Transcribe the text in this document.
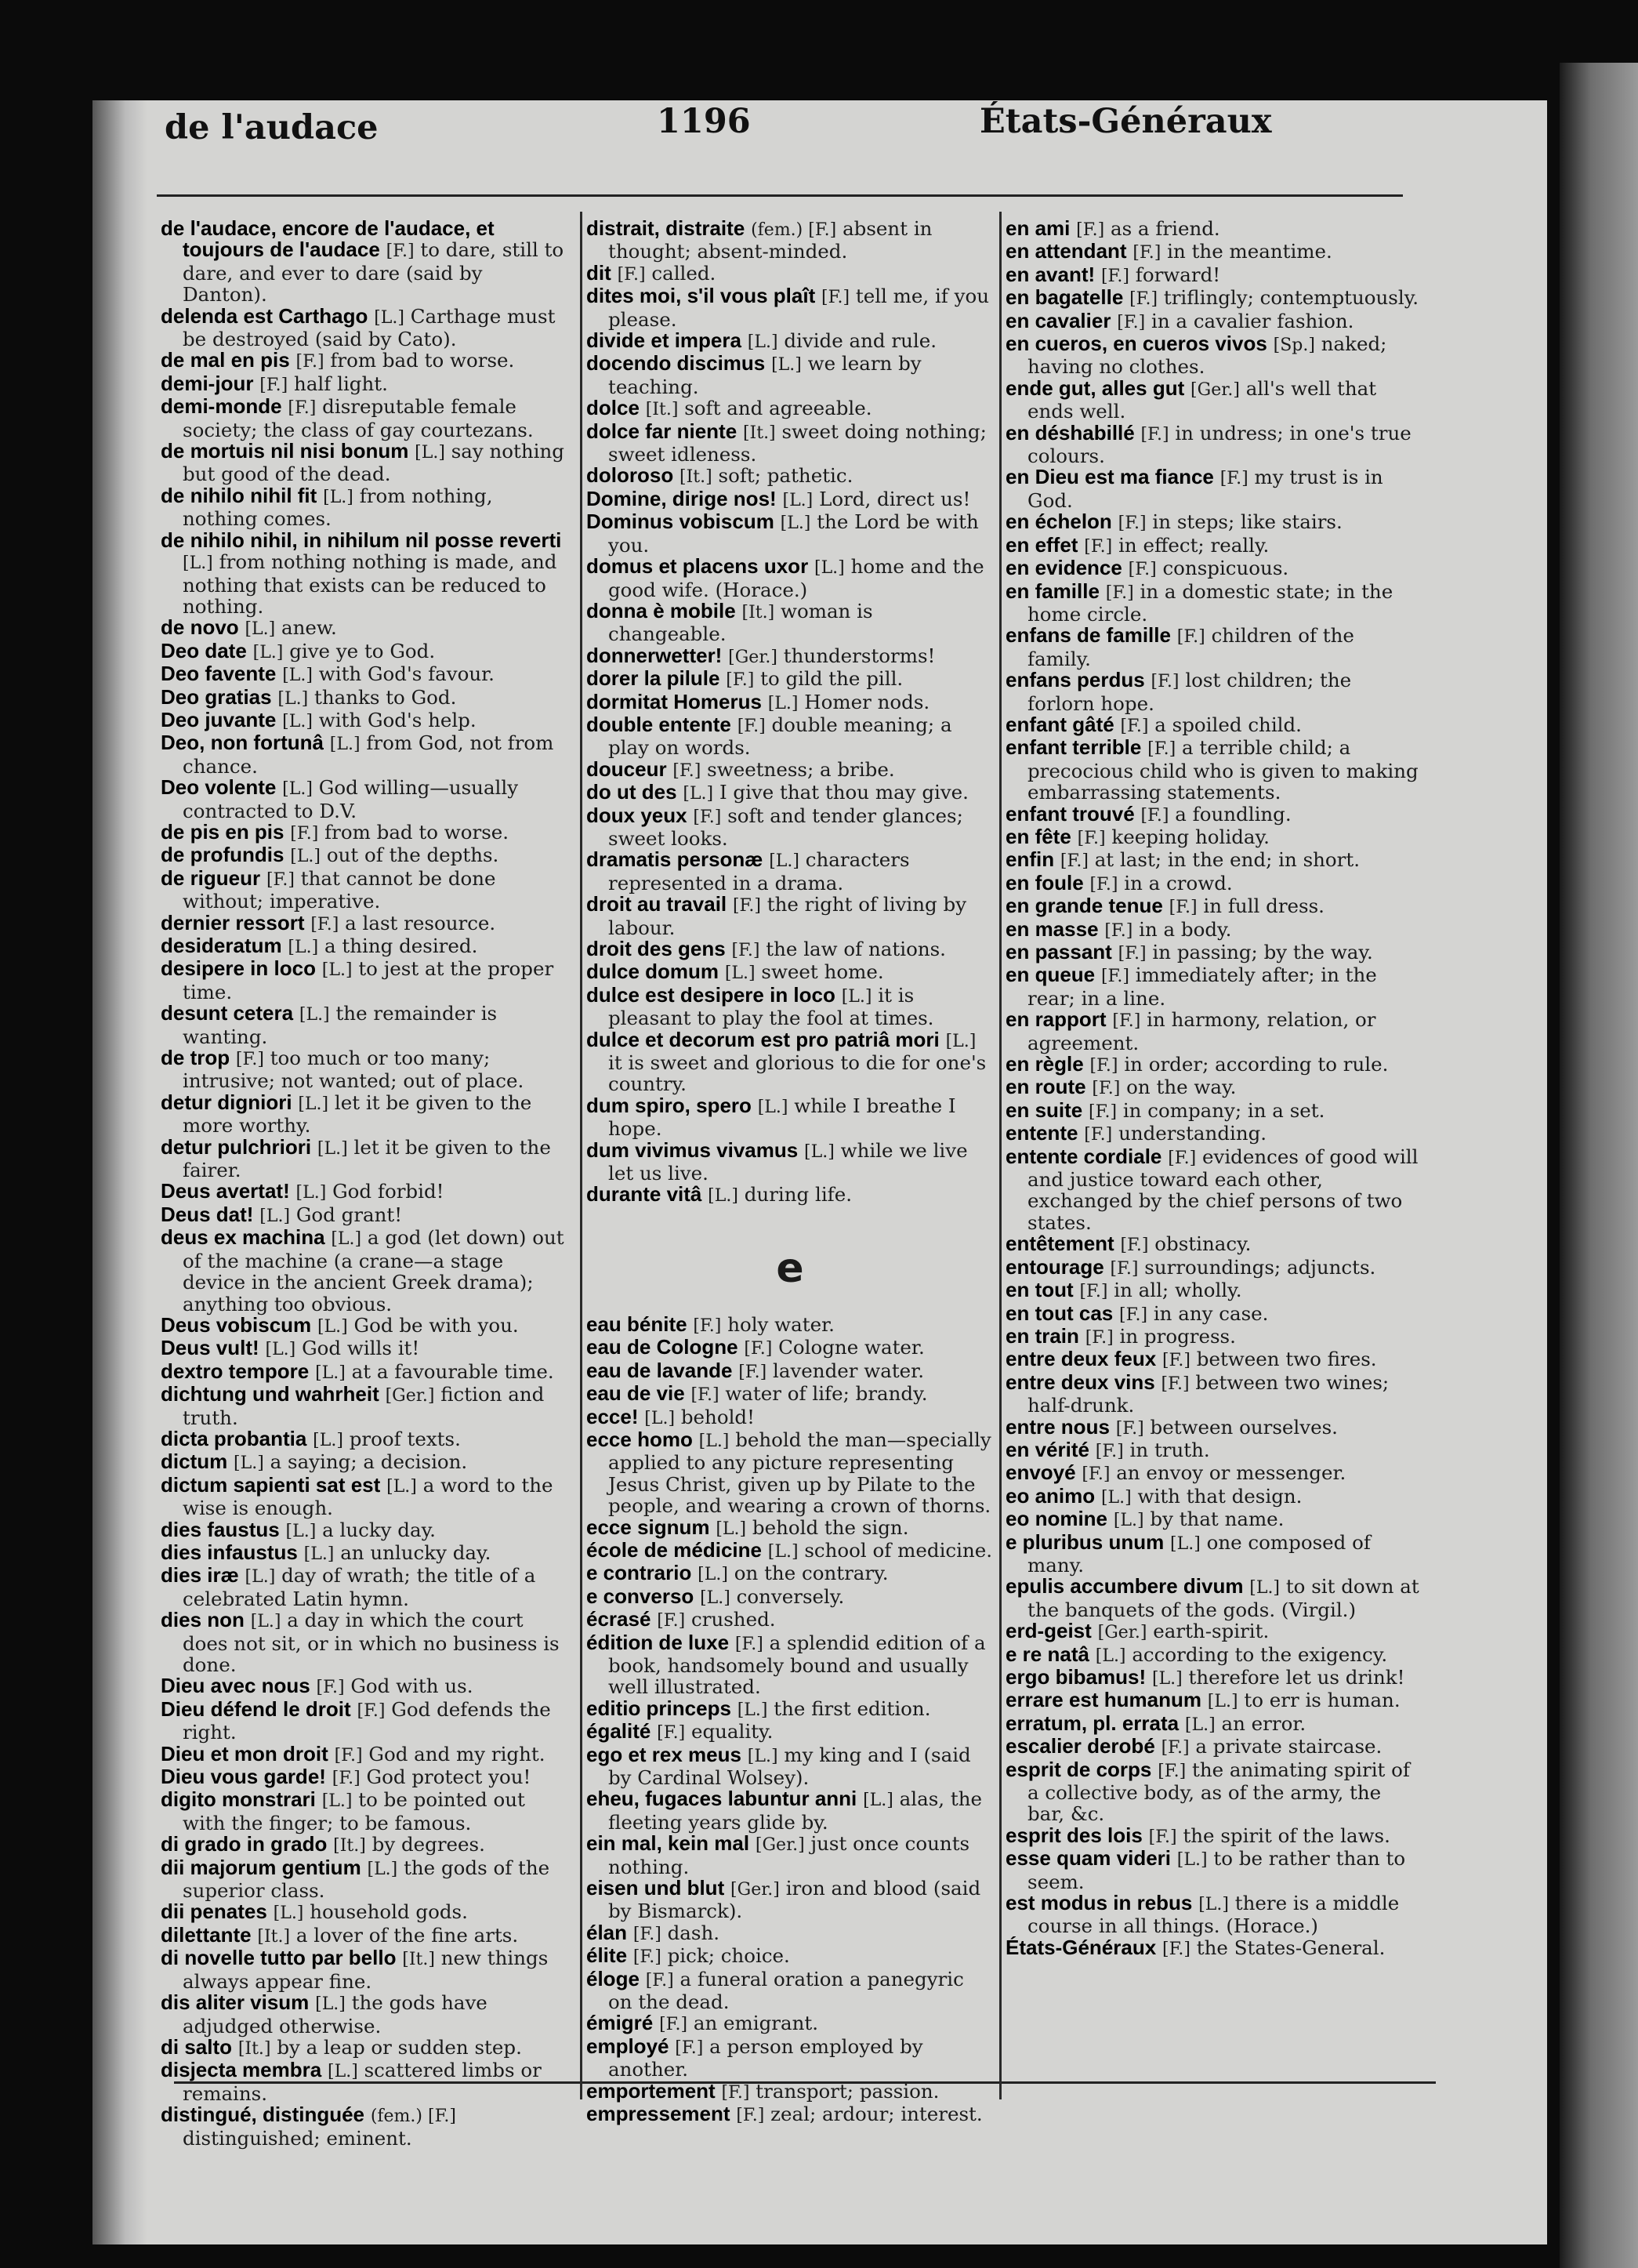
de l'audace	1196	États-Généraux

de l'audace, encore de l'audace, et toujours de l'audace [F.] to dare, still to dare, and ever to dare (said by Danton).

delenda est Carthago [L.] Carthage must be destroyed (said by Cato).

de mal en pis [F.] from bad to worse.

demi-jour [F.] half light.

demi-monde [F.] disreputable female society; the class of gay courtezans.

de mortuis nil nisi bonum [L.] say nothing but good of the dead.

de nihilo nihil fit [L.] from nothing, nothing comes.

de nihilo nihil, in nihilum nil posse reverti [L.] from nothing nothing is made, and nothing that exists can be reduced to nothing.

de novo [L.] anew.

Deo date [L.] give ye to God.

Deo favente [L.] with God's favour.

Deo gratias [L.] thanks to God.

Deo juvante [L.] with God's help.

Deo, non fortunâ [L.] from God, not from chance.

Deo volente [L.] God willing—usually contracted to D.V.

de pis en pis [F.] from bad to worse.

de profundis [L.] out of the depths.

de rigueur [F.] that cannot be done without; imperative.

dernier ressort [F.] a last resource.

desideratum [L.] a thing desired.

desipere in loco [L.] to jest at the proper time.

desunt cetera [L.] the remainder is wanting.

de trop [F.] too much or too many; intrusive; not wanted; out of place.

detur digniori [L.] let it be given to the more worthy.

detur pulchriori [L.] let it be given to the fairer.

Deus avertat! [L.] God forbid!

Deus dat! [L.] God grant!

deus ex machina [L.] a god (let down) out of the machine (a crane—a stage device in the ancient Greek drama); anything too obvious.

Deus vobiscum [L.] God be with you.

Deus vult! [L.] God wills it!

dextro tempore [L.] at a favourable time.

dichtung und wahrheit [Ger.] fiction and truth.

dicta probantia [L.] proof texts.

dictum [L.] a saying; a decision.

dictum sapienti sat est [L.] a word to the wise is enough.

dies faustus [L.] a lucky day.

dies infaustus [L.] an unlucky day.

dies iræ [L.] day of wrath; the title of a celebrated Latin hymn.

dies non [L.] a day in which the court does not sit, or in which no business is done.

Dieu avec nous [F.] God with us.

Dieu défend le droit [F.] God defends the right.

Dieu et mon droit [F.] God and my right.

Dieu vous garde! [F.] God protect you!

digito monstrari [L.] to be pointed out with the finger; to be famous.

di grado in grado [It.] by degrees.

dii majorum gentium [L.] the gods of the superior class.

dii penates [L.] household gods.

dilettante [It.] a lover of the fine arts.

di novelle tutto par bello [It.] new things always appear fine.

dis aliter visum [L.] the gods have adjudged otherwise.

di salto [It.] by a leap or sudden step.

disjecta membra [L.] scattered limbs or remains.

distingué, distinguée (fem.) [F.] distinguished; eminent.

distrait, distraite (fem.) [F.] absent in thought; absent-minded.

dit [F.] called.

dites moi, s'il vous plaît [F.] tell me, if you please.

divide et impera [L.] divide and rule.

docendo discimus [L.] we learn by teaching.

dolce [It.] soft and agreeable.

dolce far niente [It.] sweet doing nothing; sweet idleness.

doloroso [It.] soft; pathetic.

Domine, dirige nos! [L.] Lord, direct us!

Dominus vobiscum [L.] the Lord be with you.

domus et placens uxor [L.] home and the good wife. (Horace.)

donna è mobile [It.] woman is changeable.

donnerwetter! [Ger.] thunderstorms!

dorer la pilule [F.] to gild the pill.

dormitat Homerus [L.] Homer nods.

double entente [F.] double meaning; a play on words.

douceur [F.] sweetness; a bribe.

do ut des [L.] I give that thou may give.

doux yeux [F.] soft and tender glances; sweet looks.

dramatis personæ [L.] characters represented in a drama.

droit au travail [F.] the right of living by labour.

droit des gens [F.] the law of nations.

dulce domum [L.] sweet home.

dulce est desipere in loco [L.] it is pleasant to play the fool at times.

dulce et decorum est pro patriâ mori [L.] it is sweet and glorious to die for one's country.

dum spiro, spero [L.] while I breathe I hope.

dum vivimus vivamus [L.] while we live let us live.

durante vitâ [L.] during life.

e

eau bénite [F.] holy water.

eau de Cologne [F.] Cologne water.

eau de lavande [F.] lavender water.

eau de vie [F.] water of life; brandy.

ecce! [L.] behold!

ecce homo [L.] behold the man—specially applied to any picture representing Jesus Christ, given up by Pilate to the people, and wearing a crown of thorns.

ecce signum [L.] behold the sign.

école de médicine [L.] school of medicine.

e contrario [L.] on the contrary.

e converso [L.] conversely.

écrasé [F.] crushed.

édition de luxe [F.] a splendid edition of a book, handsomely bound and usually well illustrated.

editio princeps [L.] the first edition.

égalité [F.] equality.

ego et rex meus [L.] my king and I (said by Cardinal Wolsey).

eheu, fugaces labuntur anni [L.] alas, the fleeting years glide by.

ein mal, kein mal [Ger.] just once counts nothing.

eisen und blut [Ger.] iron and blood (said by Bismarck).

élan [F.] dash.

élite [F.] pick; choice.

éloge [F.] a funeral oration a panegyric on the dead.

émigré [F.] an emigrant.

employé [F.] a person employed by another.

emportement [F.] transport; passion.

empressement [F.] zeal; ardour; interest.

en ami [F.] as a friend.

en attendant [F.] in the meantime.

en avant! [F.] forward!

en bagatelle [F.] triflingly; contemptuously.

en cavalier [F.] in a cavalier fashion.

en cueros, en cueros vivos [Sp.] naked; having no clothes.

ende gut, alles gut [Ger.] all's well that ends well.

en déshabillé [F.] in undress; in one's true colours.

en Dieu est ma fiance [F.] my trust is in God.

en échelon [F.] in steps; like stairs.

en effet [F.] in effect; really.

en evidence [F.] conspicuous.

en famille [F.] in a domestic state; in the home circle.

enfans de famille [F.] children of the family.

enfans perdus [F.] lost children; the forlorn hope.

enfant gâté [F.] a spoiled child.

enfant terrible [F.] a terrible child; a precocious child who is given to making embarrassing statements.

enfant trouvé [F.] a foundling.

en fête [F.] keeping holiday.

enfin [F.] at last; in the end; in short.

en foule [F.] in a crowd.

en grande tenue [F.] in full dress.

en masse [F.] in a body.

en passant [F.] in passing; by the way.

en queue [F.] immediately after; in the rear; in a line.

en rapport [F.] in harmony, relation, or agreement.

en règle [F.] in order; according to rule.

en route [F.] on the way.

en suite [F.] in company; in a set.

entente [F.] understanding.

entente cordiale [F.] evidences of good will and justice toward each other, exchanged by the chief persons of two states.

entêtement [F.] obstinacy.

entourage [F.] surroundings; adjuncts.

en tout [F.] in all; wholly.

en tout cas [F.] in any case.

en train [F.] in progress.

entre deux feux [F.] between two fires.

entre deux vins [F.] between two wines; half-drunk.

entre nous [F.] between ourselves.

en vérité [F.] in truth.

envoyé [F.] an envoy or messenger.

eo animo [L.] with that design.

eo nomine [L.] by that name.

e pluribus unum [L.] one composed of many.

epulis accumbere divum [L.] to sit down at the banquets of the gods. (Virgil.)

erd-geist [Ger.] earth-spirit.

e re natâ [L.] according to the exigency.

ergo bibamus! [L.] therefore let us drink!

errare est humanum [L.] to err is human.

erratum, pl. errata [L.] an error.

escalier derobé [F.] a private staircase.

esprit de corps [F.] the animating spirit of a collective body, as of the army, the bar, &c.

esprit des lois [F.] the spirit of the laws.

esse quam videri [L.] to be rather than to seem.

est modus in rebus [L.] there is a middle course in all things. (Horace.)

États-Généraux [F.] the States-General.
